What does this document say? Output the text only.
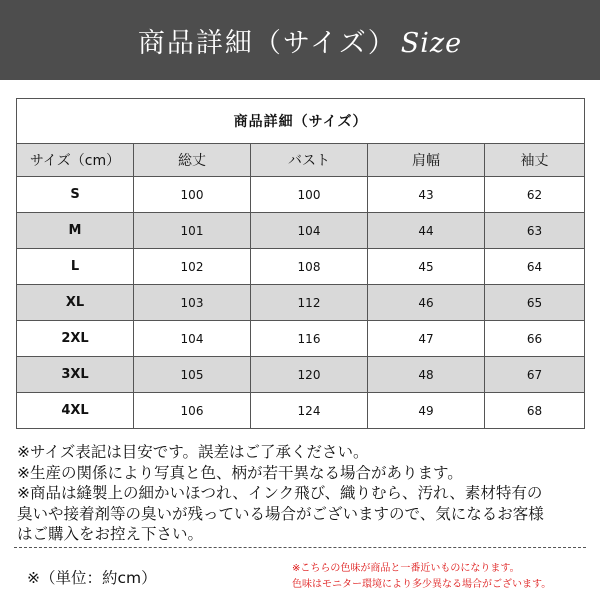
商品詳細（サイズ） Size
商品詳細（サイズ）				
サイズ（cm）	総丈	バスト	肩幅	袖丈
S	100	100	43	62
M	101	104	44	63
L	102	108	45	64
XL	103	112	46	65
2XL	104	116	47	66
3XL	105	120	48	67
4XL	106	124	49	68

※サイズ表記は目安です。誤差はご了承ください。

※生産の関係により写真と色、柄が若干異なる場合があります。

※商品は縫製上の細かいほつれ、インク飛び、織りむら、汚れ、素材特有の

臭いや接着剤等の臭いが残っている場合がございますので、気になるお客様

はご購入をお控え下さい。

※（単位：約cm）

※こちらの色味が商品と一番近いものになります。

色味はモニター環境により多少異なる場合がございます。
